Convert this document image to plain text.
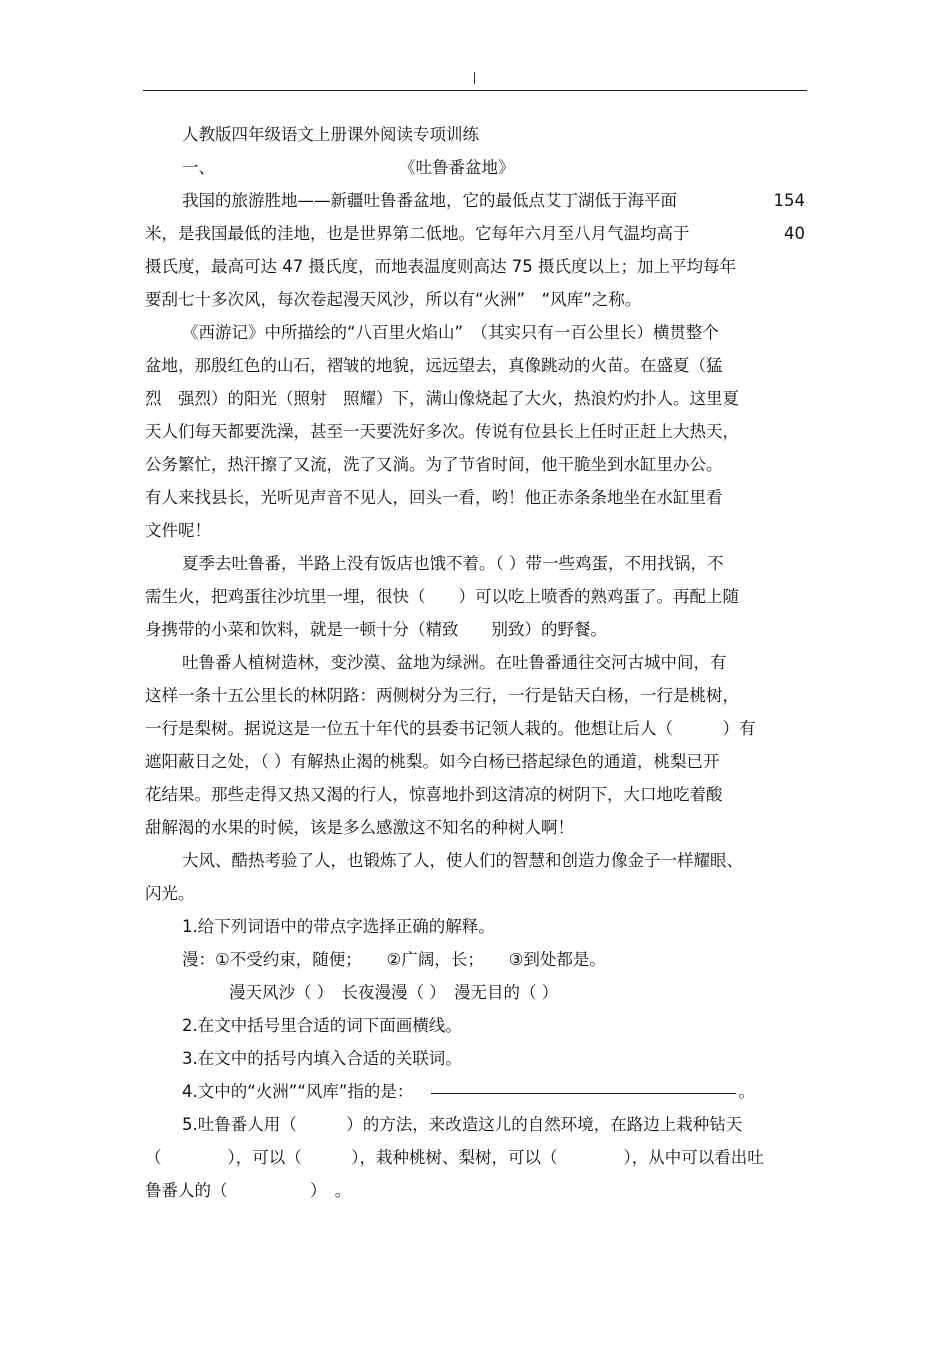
人教版四年级语文上册课外阅读专项训练
一、	《吐鲁番盆地》
我国的旅游胜地——新疆吐鲁番盆地，它的最低点艾丁湖低于海平面	154
米，是我国最低的洼地，也是世界第二低地。它每年六月至八月气温均高于	40
摄氏度，最高可达 47 摄氏度，而地表温度则高达 75 摄氏度以上；加上平均每年
要刮七十多次风，每次卷起漫天风沙，所以有“火洲”　“风库”之称。
《西游记》中所描绘的“八百里火焰山”　（其实只有一百公里长）横贯整个
盆地，那殷红色的山石，褶皱的地貌，远远望去，真像跳动的火苗。在盛夏（猛
烈　强烈）的阳光（照射　照耀）下，满山像烧起了大火，热浪灼灼扑人。这里夏
天人们每天都要洗澡，甚至一天要洗好多次。传说有位县长上任时正赶上大热天，
公务繁忙，热汗擦了又流，洗了又淌。为了节省时间，他干脆坐到水缸里办公。
有人来找县长，光听见声音不见人，回头一看，哟！他正赤条条地坐在水缸里看
文件呢！
夏季去吐鲁番，半路上没有饭店也饿不着。（ ）带一些鸡蛋，不用找锅，不
需生火，把鸡蛋往沙坑里一埋，很快（　　）可以吃上喷香的熟鸡蛋了。再配上随
身携带的小菜和饮料，就是一顿十分（精致　　别致）的野餐。
吐鲁番人植树造林，变沙漠、盆地为绿洲。在吐鲁番通往交河古城中间，有
这样一条十五公里长的林阴路：两侧树分为三行，一行是钻天白杨，一行是桃树，
一行是梨树。据说这是一位五十年代的县委书记领人栽的。他想让后人（　　　）有
遮阳蔽日之处，（ ）有解热止渴的桃梨。如今白杨已搭起绿色的通道，桃梨已开
花结果。那些走得又热又渴的行人，惊喜地扑到这清凉的树阴下，大口地吃着酸
甜解渴的水果的时候，该是多么感激这不知名的种树人啊！
大风、酷热考验了人，也锻炼了人，使人们的智慧和创造力像金子一样耀眼、
闪光。
1.给下列词语中的带点字选择正确的解释。
漫：①不受约束，随便；　　②广阔，长；　　③到处都是。
漫天风沙（ ）　长夜漫漫（ ）　漫无目的（ ）
2.在文中括号里合适的词下面画横线。
3.在文中的括号内填入合适的关联词。
4.文中的“火洲”“风库”指的是：	。
5.吐鲁番人用（　　　）的方法，来改造这儿的自然环境，在路边上栽种钻天
（　　　　），可以（　　　），栽种桃树、梨树，可以（　　　　），从中可以看出吐
鲁番人的（　　　　　）　。
